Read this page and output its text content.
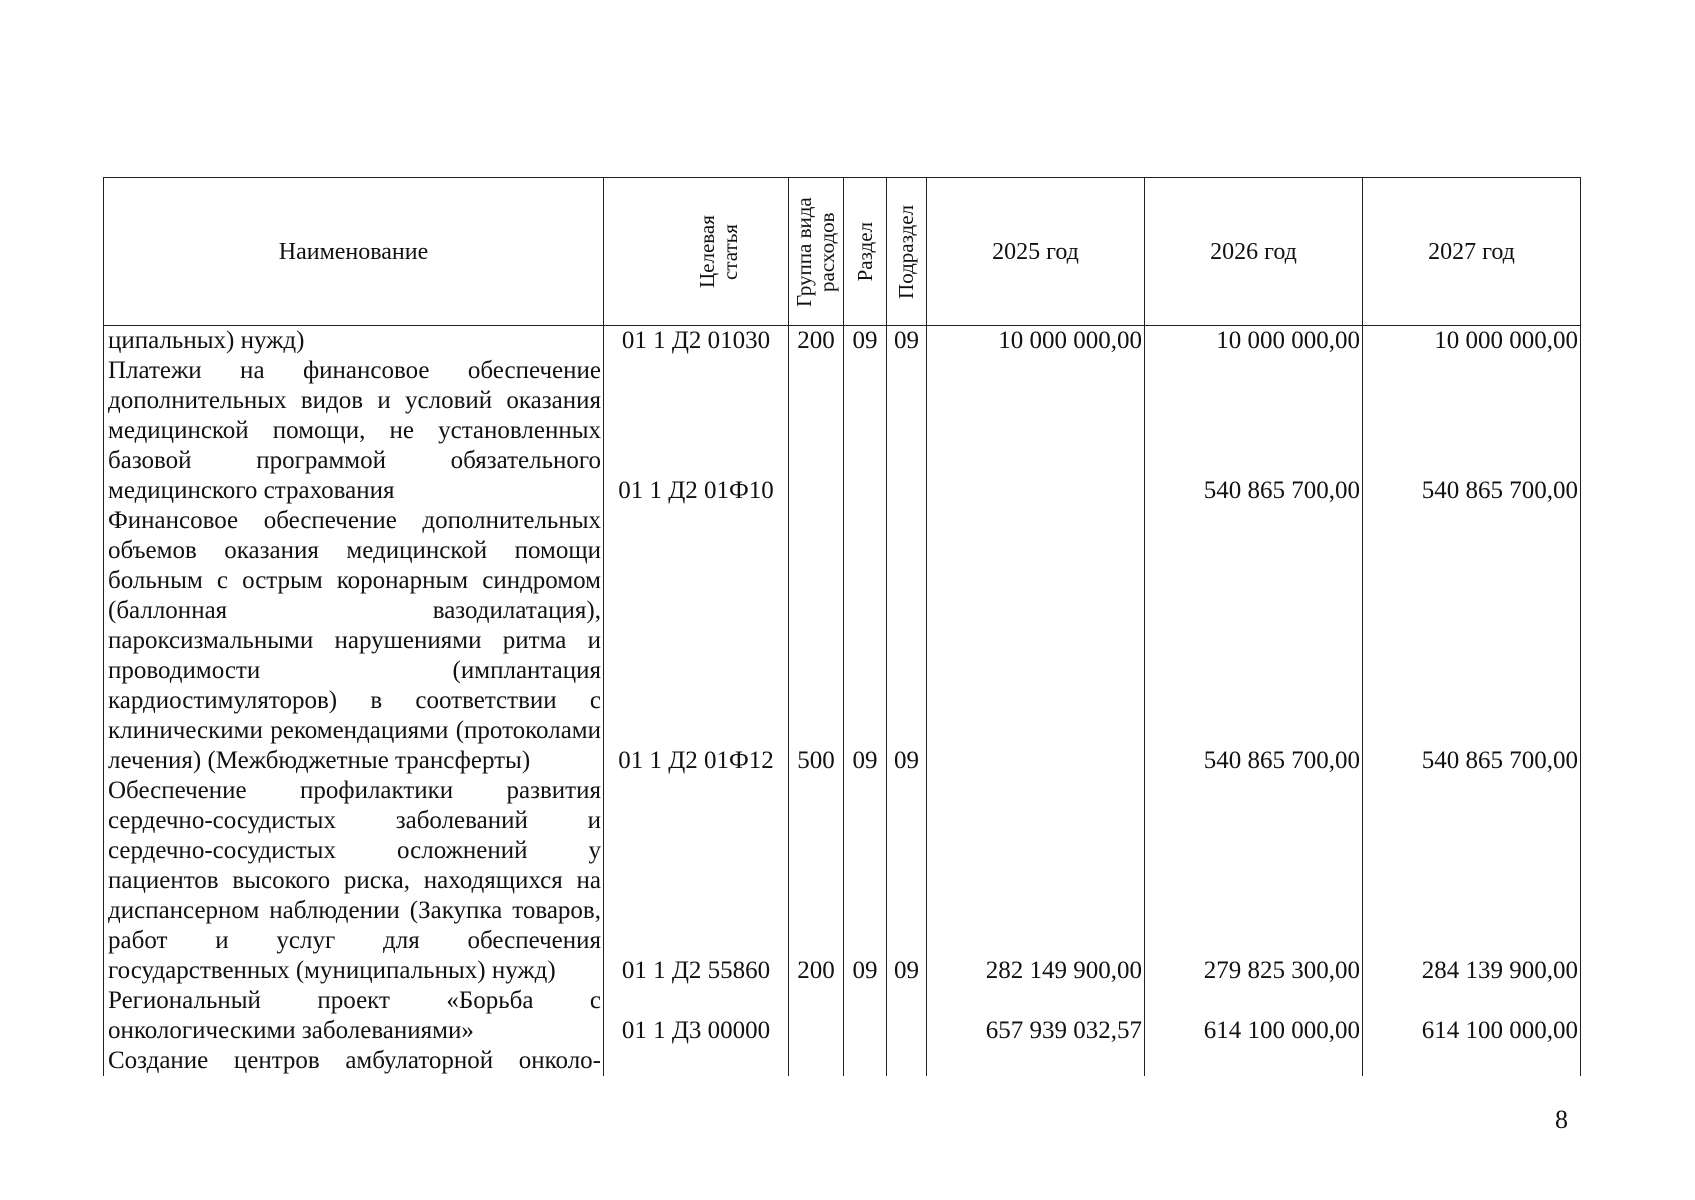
Наименование	Целевая статья	Группа вида расходов	Раздел	Подраздел	2025 год	2026 год	2027 год
ципальных) нужд)	01 1 Д2 01030	200	09	09	10 000 000,00	10 000 000,00	10 000 000,00
Платежи на финансовое обеспечение дополнительных видов и условий оказания медицинской помощи, не установленных базовой программой обязательного медицинского страхования	01 1 Д2 01Ф10					540 865 700,00	540 865 700,00
Финансовое обеспечение дополнительных объемов оказания медицинской помощи больным с острым коронарным синдромом (баллонная вазодилатация), пароксизмальными нарушениями ритма и проводимости (имплантация кардиостимуляторов) в соответствии с клиническими рекомендациями (протоколами лечения) (Межбюджетные трансферты)	01 1 Д2 01Ф12	500	09	09		540 865 700,00	540 865 700,00
Обеспечение профилактики развития сердечно-сосудистых заболеваний и сердечно-сосудистых осложнений у пациентов высокого риска, находящихся на диспансерном наблюдении (Закупка товаров, работ и услуг для обеспечения государственных (муниципальных) нужд)	01 1 Д2 55860	200	09	09	282 149 900,00	279 825 300,00	284 139 900,00
Региональный проект «Борьба с онкологическими заболеваниями»	01 1 Д3 00000				657 939 032,57	614 100 000,00	614 100 000,00
Создание центров амбулаторной онколо-							
8
